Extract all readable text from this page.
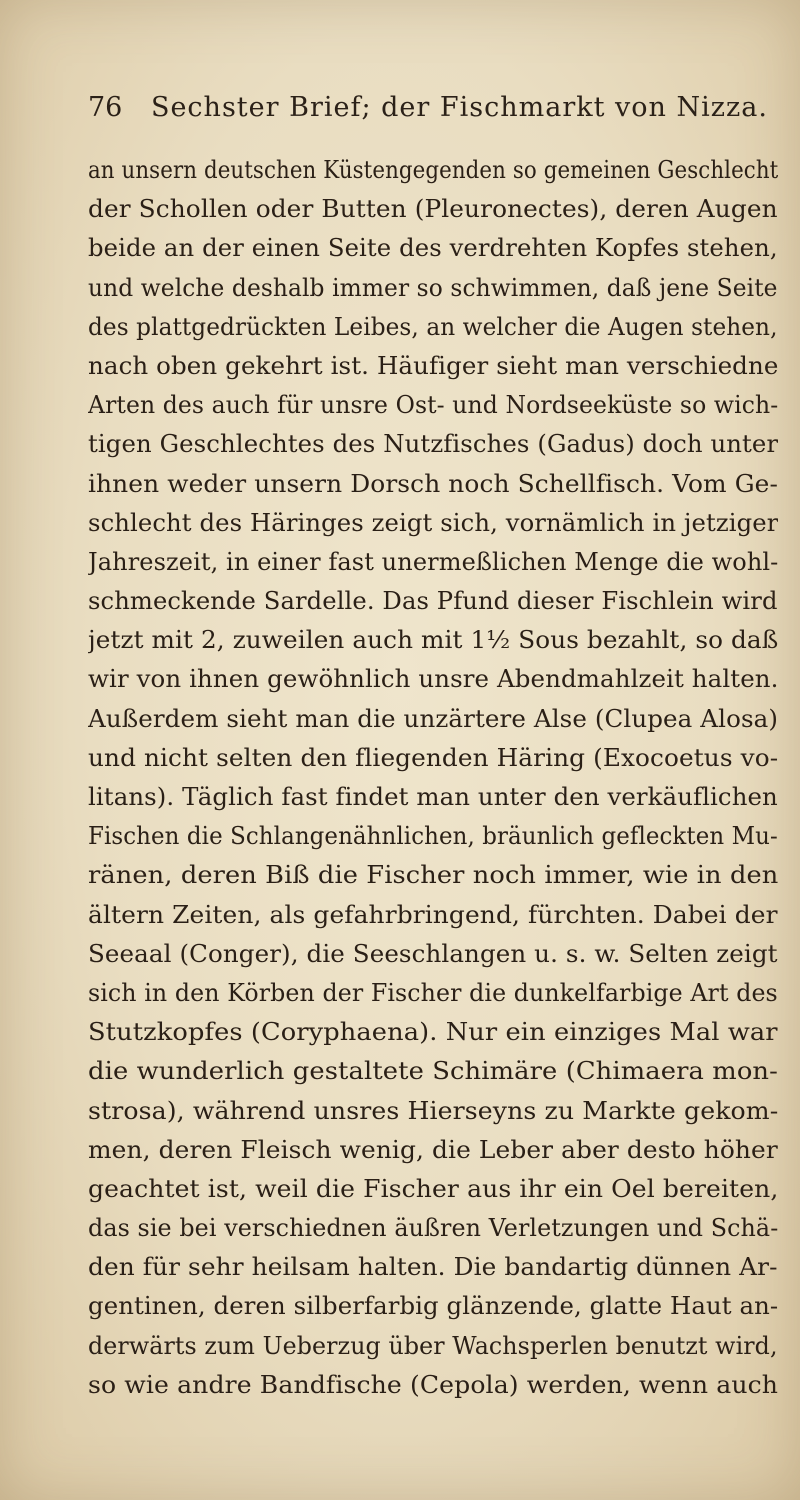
76 Sechster Brief; der Fischmarkt von Nizza.
an unsern deutschen Küstengegenden so gemeinen Geschlecht
der Schollen oder Butten (Pleuronectes), deren Augen
beide an der einen Seite des verdrehten Kopfes stehen,
und welche deshalb immer so schwimmen, daß jene Seite
des plattgedrückten Leibes, an welcher die Augen stehen,
nach oben gekehrt ist. Häufiger sieht man verschiedne
Arten des auch für unsre Ost- und Nordseeküste so wich-
tigen Geschlechtes des Nutzfisches (Gadus) doch unter
ihnen weder unsern Dorsch noch Schellfisch. Vom Ge-
schlecht des Häringes zeigt sich, vornämlich in jetziger
Jahreszeit, in einer fast unermeßlichen Menge die wohl-
schmeckende Sardelle. Das Pfund dieser Fischlein wird
jetzt mit 2, zuweilen auch mit 1½ Sous bezahlt, so daß
wir von ihnen gewöhnlich unsre Abendmahlzeit halten.
Außerdem sieht man die unzärtere Alse (Clupea Alosa)
und nicht selten den fliegenden Häring (Exocoetus vo-
litans). Täglich fast findet man unter den verkäuflichen
Fischen die Schlangenähnlichen, bräunlich gefleckten Mu-
ränen, deren Biß die Fischer noch immer, wie in den
ältern Zeiten, als gefahrbringend, fürchten. Dabei der
Seeaal (Conger), die Seeschlangen u. s. w. Selten zeigt
sich in den Körben der Fischer die dunkelfarbige Art des
Stutzkopfes (Coryphaena). Nur ein einziges Mal war
die wunderlich gestaltete Schimäre (Chimaera mon-
strosa), während unsres Hierseyns zu Markte gekom-
men, deren Fleisch wenig, die Leber aber desto höher
geachtet ist, weil die Fischer aus ihr ein Oel bereiten,
das sie bei verschiednen äußren Verletzungen und Schä-
den für sehr heilsam halten. Die bandartig dünnen Ar-
gentinen, deren silberfarbig glänzende, glatte Haut an-
derwärts zum Ueberzug über Wachsperlen benutzt wird,
so wie andre Bandfische (Cepola) werden, wenn auch
